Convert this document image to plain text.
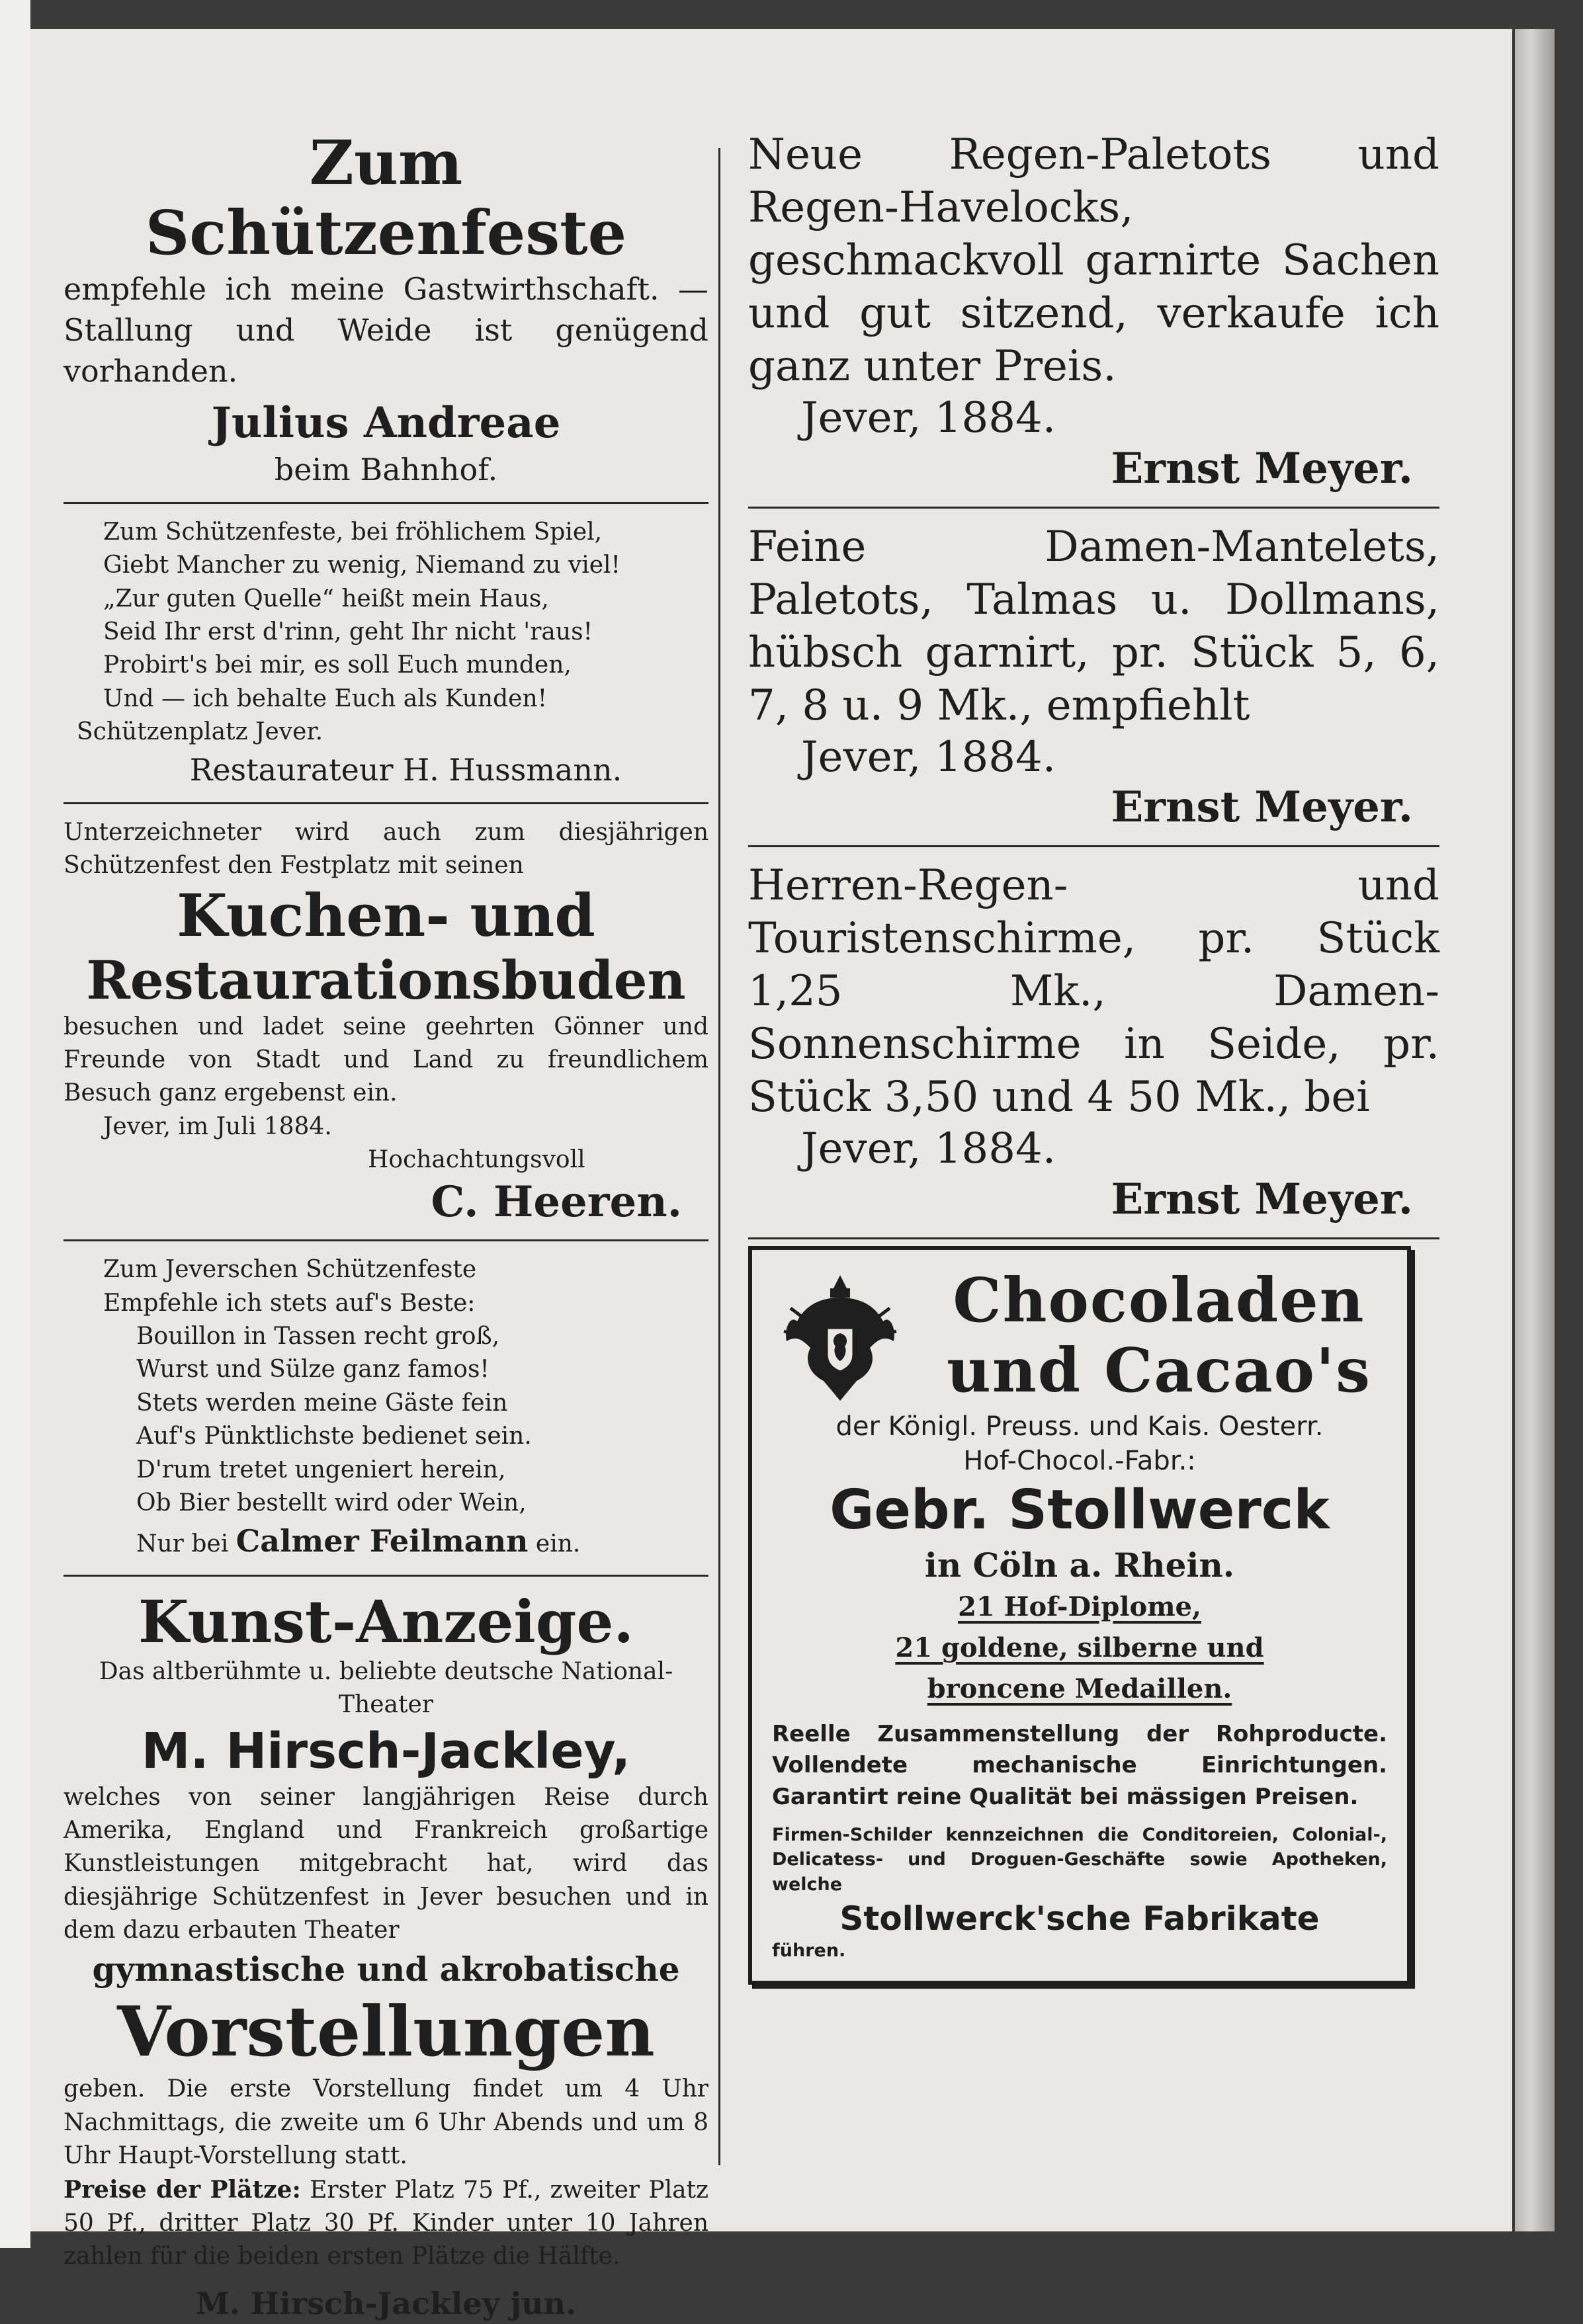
Zum Schützenfeste

empfehle ich meine Gastwirthschaft. — Stallung und Weide ist genügend vorhanden.

Julius Andreae

beim Bahnhof.

Zum Schützenfeste, bei fröhlichem Spiel,

Giebt Mancher zu wenig, Niemand zu viel!

„Zur guten Quelle“ heißt mein Haus,

Seid Ihr erst d'rinn, geht Ihr nicht 'raus!

Probirt's bei mir, es soll Euch munden,

Und — ich behalte Euch als Kunden!

Schützenplatz Jever.

Restaurateur H. Hussmann.

Unterzeichneter wird auch zum diesjährigen Schützenfest den Festplatz mit seinen

Kuchen- und

Restaurationsbuden

besuchen und ladet seine geehrten Gönner und Freunde von Stadt und Land zu freundlichem Besuch ganz ergebenst ein.

Jever, im Juli 1884.

Hochachtungsvoll

C. Heeren.

Zum Jeverschen Schützenfeste

Empfehle ich stets auf's Beste:

Bouillon in Tassen recht groß,

Wurst und Sülze ganz famos!

Stets werden meine Gäste fein

Auf's Pünktlichste bedienet sein.

D'rum tretet ungeniert herein,

Ob Bier bestellt wird oder Wein,

Nur bei Calmer Feilmann ein.

Kunst-Anzeige.

Das altberühmte u. beliebte deutsche National-Theater

M. Hirsch-Jackley,

welches von seiner langjährigen Reise durch Amerika, England und Frankreich großartige Kunstleistungen mitgebracht hat, wird das diesjährige Schützenfest in Jever besuchen und in dem dazu erbauten Theater

gymnastische und akrobatische

Vorstellungen

geben. Die erste Vorstellung findet um 4 Uhr Nachmittags, die zweite um 6 Uhr Abends und um 8 Uhr Haupt-Vorstellung statt.

Preise der Plätze: Erster Platz 75 Pf., zweiter Platz 50 Pf., dritter Platz 30 Pf. Kinder unter 10 Jahren zahlen für die beiden ersten Plätze die Hälfte.

M. Hirsch-Jackley jun.

Neue Regen-Paletots und Regen-Havelocks, geschmackvoll garnirte Sachen und gut sitzend, verkaufe ich ganz unter Preis.

Jever, 1884.

Ernst Meyer.

Feine Damen-Mantelets, Paletots, Talmas u. Dollmans, hübsch garnirt, pr. Stück 5, 6, 7, 8 u. 9 Mk., empfiehlt

Jever, 1884.

Ernst Meyer.

Herren-Regen- und Touristenschirme, pr. Stück 1,25 Mk., Damen-Sonnenschirme in Seide, pr. Stück 3,50 und 4 50 Mk., bei

Jever, 1884.

Ernst Meyer.

Chocoladen

und Cacao's

der Königl. Preuss. und Kais. Oesterr.

Hof-Chocol.-Fabr.:

Gebr. Stollwerck

in Cöln a. Rhein.

21 Hof-Diplome,

21 goldene, silberne und

broncene Medaillen.

Reelle Zusammenstellung der Rohproducte. Vollendete mechanische Einrichtungen. Garantirt reine Qualität bei mässigen Preisen.

Firmen-Schilder kennzeichnen die Conditoreien, Colonial-, Delicatess- und Droguen-Geschäfte sowie Apotheken, welche

Stollwerck'sche Fabrikate

führen.
